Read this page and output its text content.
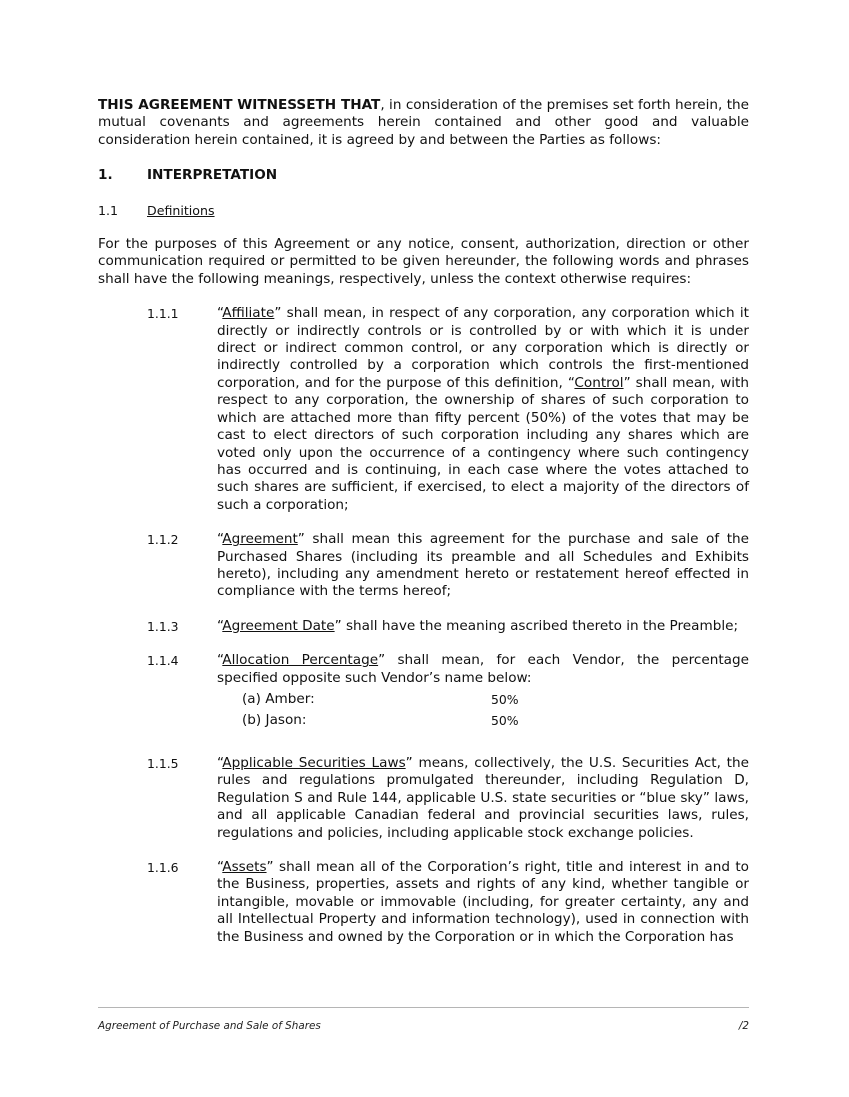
THIS AGREEMENT WITNESSETH THAT, in consideration of the premises set forth herein, the mutual covenants and agreements herein contained and other good and valuable consideration herein contained, it is agreed by and between the Parties as follows:

1.	INTERPRETATION
1.1	Definitions

For the purposes of this Agreement or any notice, consent, authorization, direction or other communication required or permitted to be given hereunder, the following words and phrases shall have the following meanings, respectively, unless the context otherwise requires:

1.1.1	“Affiliate” shall mean, in respect of any corporation, any corporation which it directly or indirectly controls or is controlled by or with which it is under direct or indirect common control, or any corporation which is directly or indirectly controlled by a corporation which controls the first-mentioned corporation, and for the purpose of this definition, “Control” shall mean, with respect to any corporation, the ownership of shares of such corporation to which are attached more than fifty percent (50%) of the votes that may be cast to elect directors of such corporation including any shares which are voted only upon the occurrence of a contingency where such contingency has occurred and is continuing, in each case where the votes attached to such shares are sufficient, if exercised, to elect a majority of the directors of such a corporation;

1.1.2	“Agreement” shall mean this agreement for the purchase and sale of the Purchased Shares (including its preamble and all Schedules and Exhibits hereto), including any amendment hereto or restatement hereof effected in compliance with the terms hereof;

1.1.3	“Agreement Date” shall have the meaning ascribed thereto in the Preamble;

1.1.4	“Allocation Percentage” shall mean, for each Vendor, the percentage specified opposite such Vendor’s name below:

(a) Amber:	50%
(b) Jason:	50%
1.1.5	“Applicable Securities Laws” means, collectively, the U.S. Securities Act, the rules and regulations promulgated thereunder, including Regulation D, Regulation S and Rule 144, applicable U.S. state securities or “blue sky” laws, and all applicable Canadian federal and provincial securities laws, rules, regulations and policies, including applicable stock exchange policies.

1.1.6	“Assets” shall mean all of the Corporation’s right, title and interest in and to the Business, properties, assets and rights of any kind, whether tangible or intangible, movable or immovable (including, for greater certainty, any and all Intellectual Property and information technology), used in connection with the Business and owned by the Corporation or in which the Corporation has

Agreement of Purchase and Sale of Shares	/2
